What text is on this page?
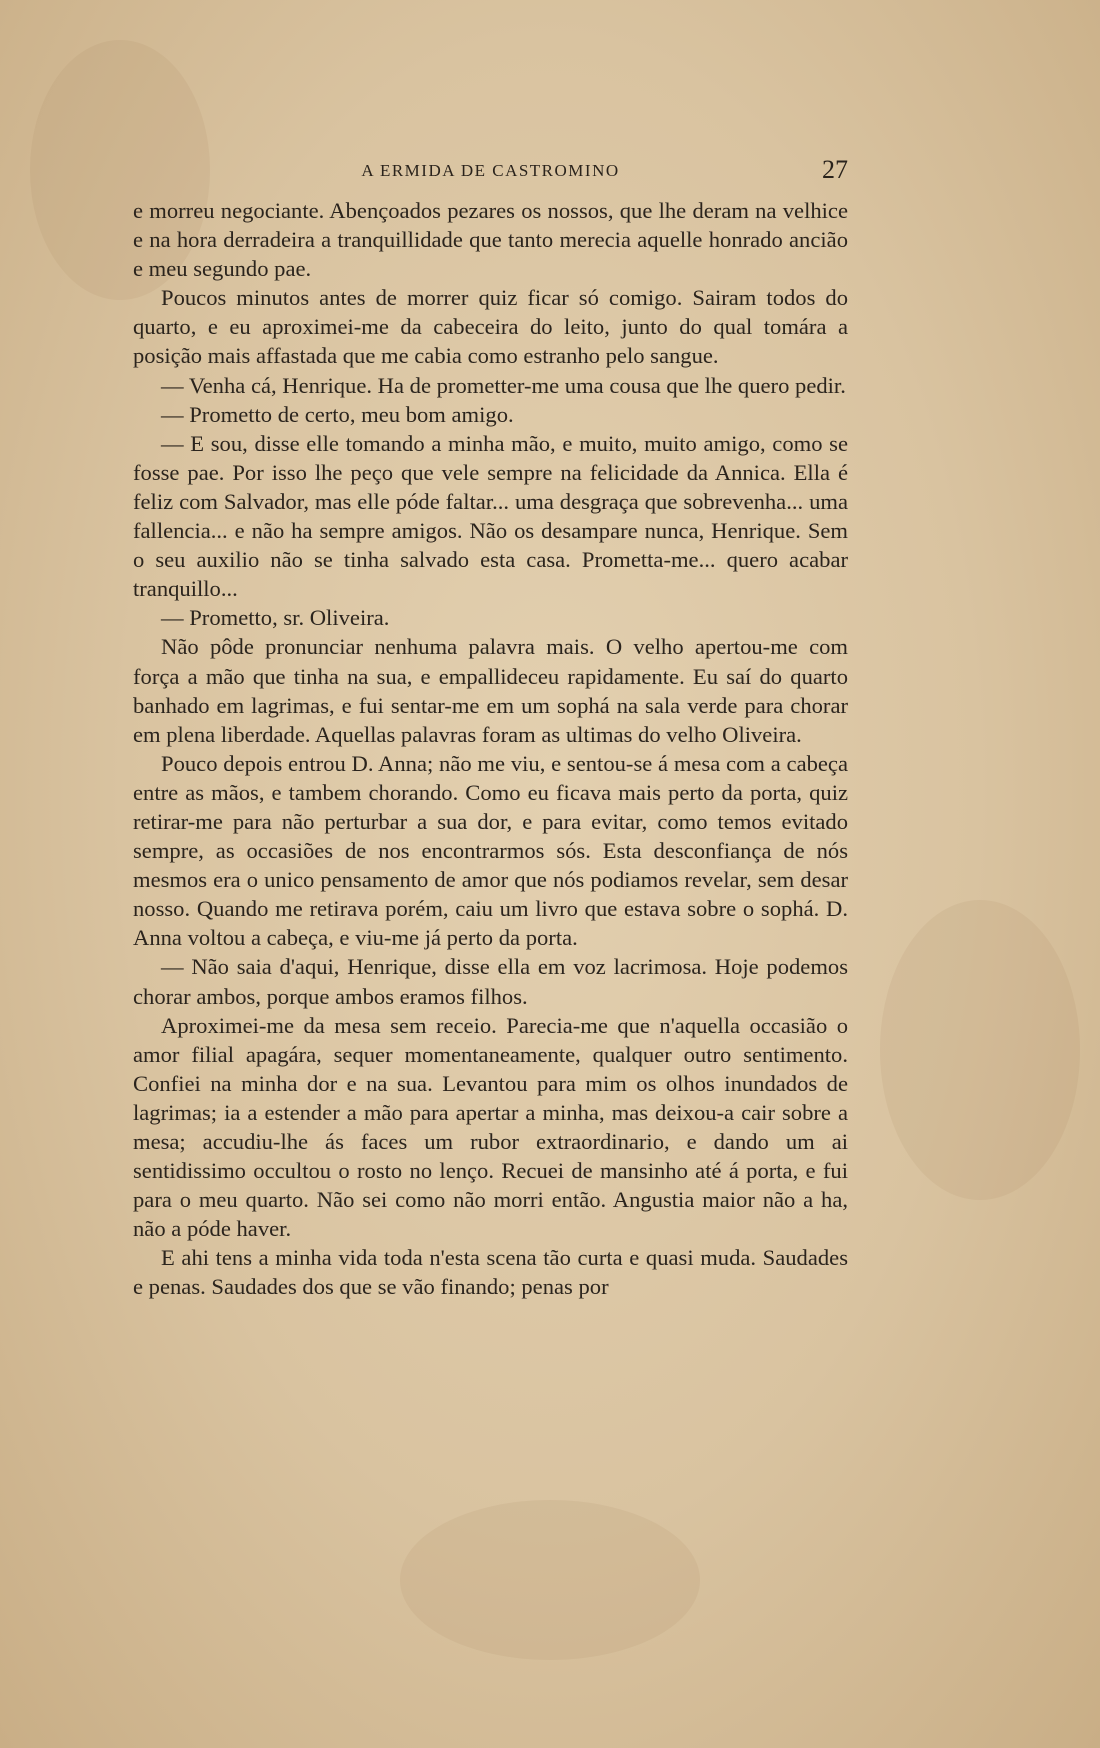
A ERMIDA DE CASTROMINO	27

e morreu negociante. Abençoados pezares os nossos, que lhe deram na velhice e na hora derradeira a tranquillidade que tanto merecia aquelle honrado ancião e meu segundo pae.

Poucos minutos antes de morrer quiz ficar só comigo. Sairam todos do quarto, e eu aproximei-me da cabeceira do leito, junto do qual tomára a posição mais affastada que me cabia como estranho pelo sangue.

— Venha cá, Henrique. Ha de prometter-me uma cousa que lhe quero pedir.

— Prometto de certo, meu bom amigo.

— E sou, disse elle tomando a minha mão, e muito, muito amigo, como se fosse pae. Por isso lhe peço que vele sempre na felicidade da Annica. Ella é feliz com Salvador, mas elle póde faltar... uma desgraça que sobrevenha... uma fallencia... e não ha sempre amigos. Não os desampare nunca, Henrique. Sem o seu auxilio não se tinha salvado esta casa. Prometta-me... quero acabar tranquillo...

— Prometto, sr. Oliveira.

Não pôde pronunciar nenhuma palavra mais. O velho apertou-me com força a mão que tinha na sua, e empallideceu rapidamente. Eu saí do quarto banhado em lagrimas, e fui sentar-me em um sophá na sala verde para chorar em plena liberdade. Aquellas palavras foram as ultimas do velho Oliveira.

Pouco depois entrou D. Anna; não me viu, e sentou-se á mesa com a cabeça entre as mãos, e tambem chorando. Como eu ficava mais perto da porta, quiz retirar-me para não perturbar a sua dor, e para evitar, como temos evitado sempre, as occasiões de nos encontrarmos sós. Esta desconfiança de nós mesmos era o unico pensamento de amor que nós podiamos revelar, sem desar nosso. Quando me retirava porém, caiu um livro que estava sobre o sophá. D. Anna voltou a cabeça, e viu-me já perto da porta.

— Não saia d'aqui, Henrique, disse ella em voz lacrimosa. Hoje podemos chorar ambos, porque ambos eramos filhos.

Aproximei-me da mesa sem receio. Parecia-me que n'aquella occasião o amor filial apagára, sequer momentaneamente, qualquer outro sentimento. Confiei na minha dor e na sua. Levantou para mim os olhos inundados de lagrimas; ia a estender a mão para apertar a minha, mas deixou-a cair sobre a mesa; accudiu-lhe ás faces um rubor extraordinario, e dando um ai sentidissimo occultou o rosto no lenço. Recuei de mansinho até á porta, e fui para o meu quarto. Não sei como não morri então. Angustia maior não a ha, não a póde haver.

E ahi tens a minha vida toda n'esta scena tão curta e quasi muda. Saudades e penas. Saudades dos que se vão finando; penas por
